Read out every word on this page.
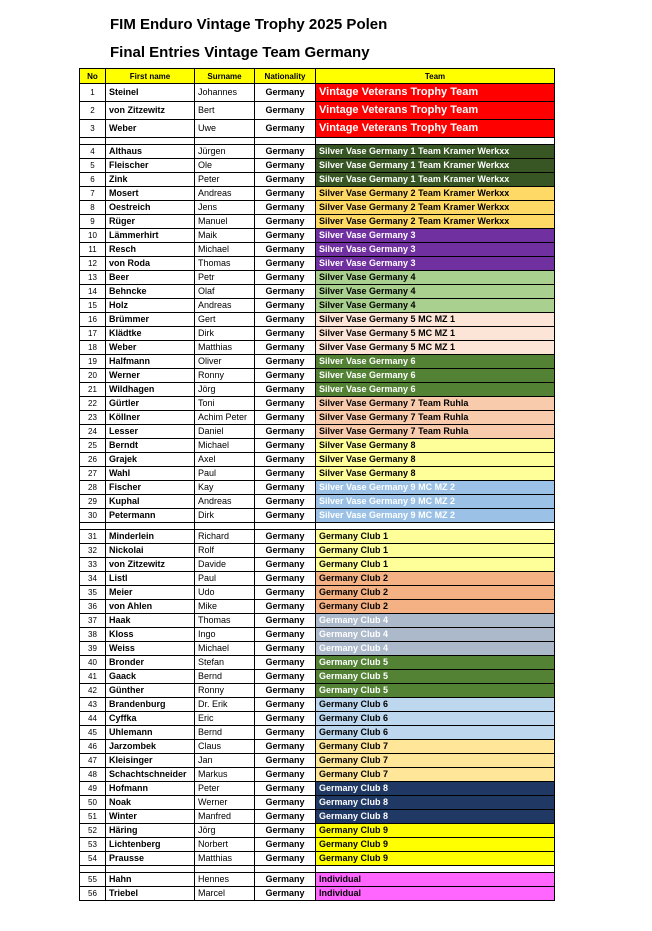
FIM Enduro Vintage Trophy 2025 Polen
Final Entries Vintage Team Germany
No	First name	Surname	Nationality	Team
1	Steinel	Johannes	Germany	Vintage Veterans Trophy Team
2	von Zitzewitz	Bert	Germany	Vintage Veterans Trophy Team
3	Weber	Uwe	Germany	Vintage Veterans Trophy Team

4	Althaus	Jürgen	Germany	Silver Vase Germany 1 Team Kramer Werkxx
5	Fleischer	Ole	Germany	Silver Vase Germany 1 Team Kramer Werkxx
6	Zink	Peter	Germany	Silver Vase Germany 1 Team Kramer Werkxx
7	Mosert	Andreas	Germany	Silver Vase Germany 2 Team Kramer Werkxx
8	Oestreich	Jens	Germany	Silver Vase Germany 2 Team Kramer Werkxx
9	Rüger	Manuel	Germany	Silver Vase Germany 2 Team Kramer Werkxx
10	Lämmerhirt	Maik	Germany	Silver Vase Germany 3
11	Resch	Michael	Germany	Silver Vase Germany 3
12	von Roda	Thomas	Germany	Silver Vase Germany 3
13	Beer	Petr	Germany	Silver Vase Germany 4
14	Behncke	Olaf	Germany	Silver Vase Germany 4
15	Holz	Andreas	Germany	Silver Vase Germany 4
16	Brümmer	Gert	Germany	Silver Vase Germany 5 MC MZ 1
17	Klädtke	Dirk	Germany	Silver Vase Germany 5 MC MZ 1
18	Weber	Matthias	Germany	Silver Vase Germany 5 MC MZ 1
19	Halfmann	Oliver	Germany	Silver Vase Germany 6
20	Werner	Ronny	Germany	Silver Vase Germany 6
21	Wildhagen	Jörg	Germany	Silver Vase Germany 6
22	Gürtler	Toni	Germany	Silver Vase Germany 7 Team Ruhla
23	Köllner	Achim Peter	Germany	Silver Vase Germany 7 Team Ruhla
24	Lesser	Daniel	Germany	Silver Vase Germany 7 Team Ruhla
25	Berndt	Michael	Germany	Silver Vase Germany 8
26	Grajek	Axel	Germany	Silver Vase Germany 8
27	Wahl	Paul	Germany	Silver Vase Germany 8
28	Fischer	Kay	Germany	Silver Vase Germany 9 MC MZ 2
29	Kuphal	Andreas	Germany	Silver Vase Germany 9 MC MZ 2
30	Petermann	Dirk	Germany	Silver Vase Germany 9 MC MZ 2

31	Minderlein	Richard	Germany	Germany Club 1
32	Nickolai	Rolf	Germany	Germany Club 1
33	von Zitzewitz	Davide	Germany	Germany Club 1
34	Listl	Paul	Germany	Germany Club 2
35	Meier	Udo	Germany	Germany Club 2
36	von Ahlen	Mike	Germany	Germany Club 2
37	Haak	Thomas	Germany	Germany Club 4
38	Kloss	Ingo	Germany	Germany Club 4
39	Weiss	Michael	Germany	Germany Club 4
40	Bronder	Stefan	Germany	Germany Club 5
41	Gaack	Bernd	Germany	Germany Club 5
42	Günther	Ronny	Germany	Germany Club 5
43	Brandenburg	Dr. Erik	Germany	Germany Club 6
44	Cyffka	Eric	Germany	Germany Club 6
45	Uhlemann	Bernd	Germany	Germany Club 6
46	Jarzombek	Claus	Germany	Germany Club 7
47	Kleisinger	Jan	Germany	Germany Club 7
48	Schachtschneider	Markus	Germany	Germany Club 7
49	Hofmann	Peter	Germany	Germany Club 8
50	Noak	Werner	Germany	Germany Club 8
51	Winter	Manfred	Germany	Germany Club 8
52	Häring	Jörg	Germany	Germany Club 9
53	Lichtenberg	Norbert	Germany	Germany Club 9
54	Prausse	Matthias	Germany	Germany Club 9

55	Hahn	Hennes	Germany	Individual
56	Triebel	Marcel	Germany	Individual
